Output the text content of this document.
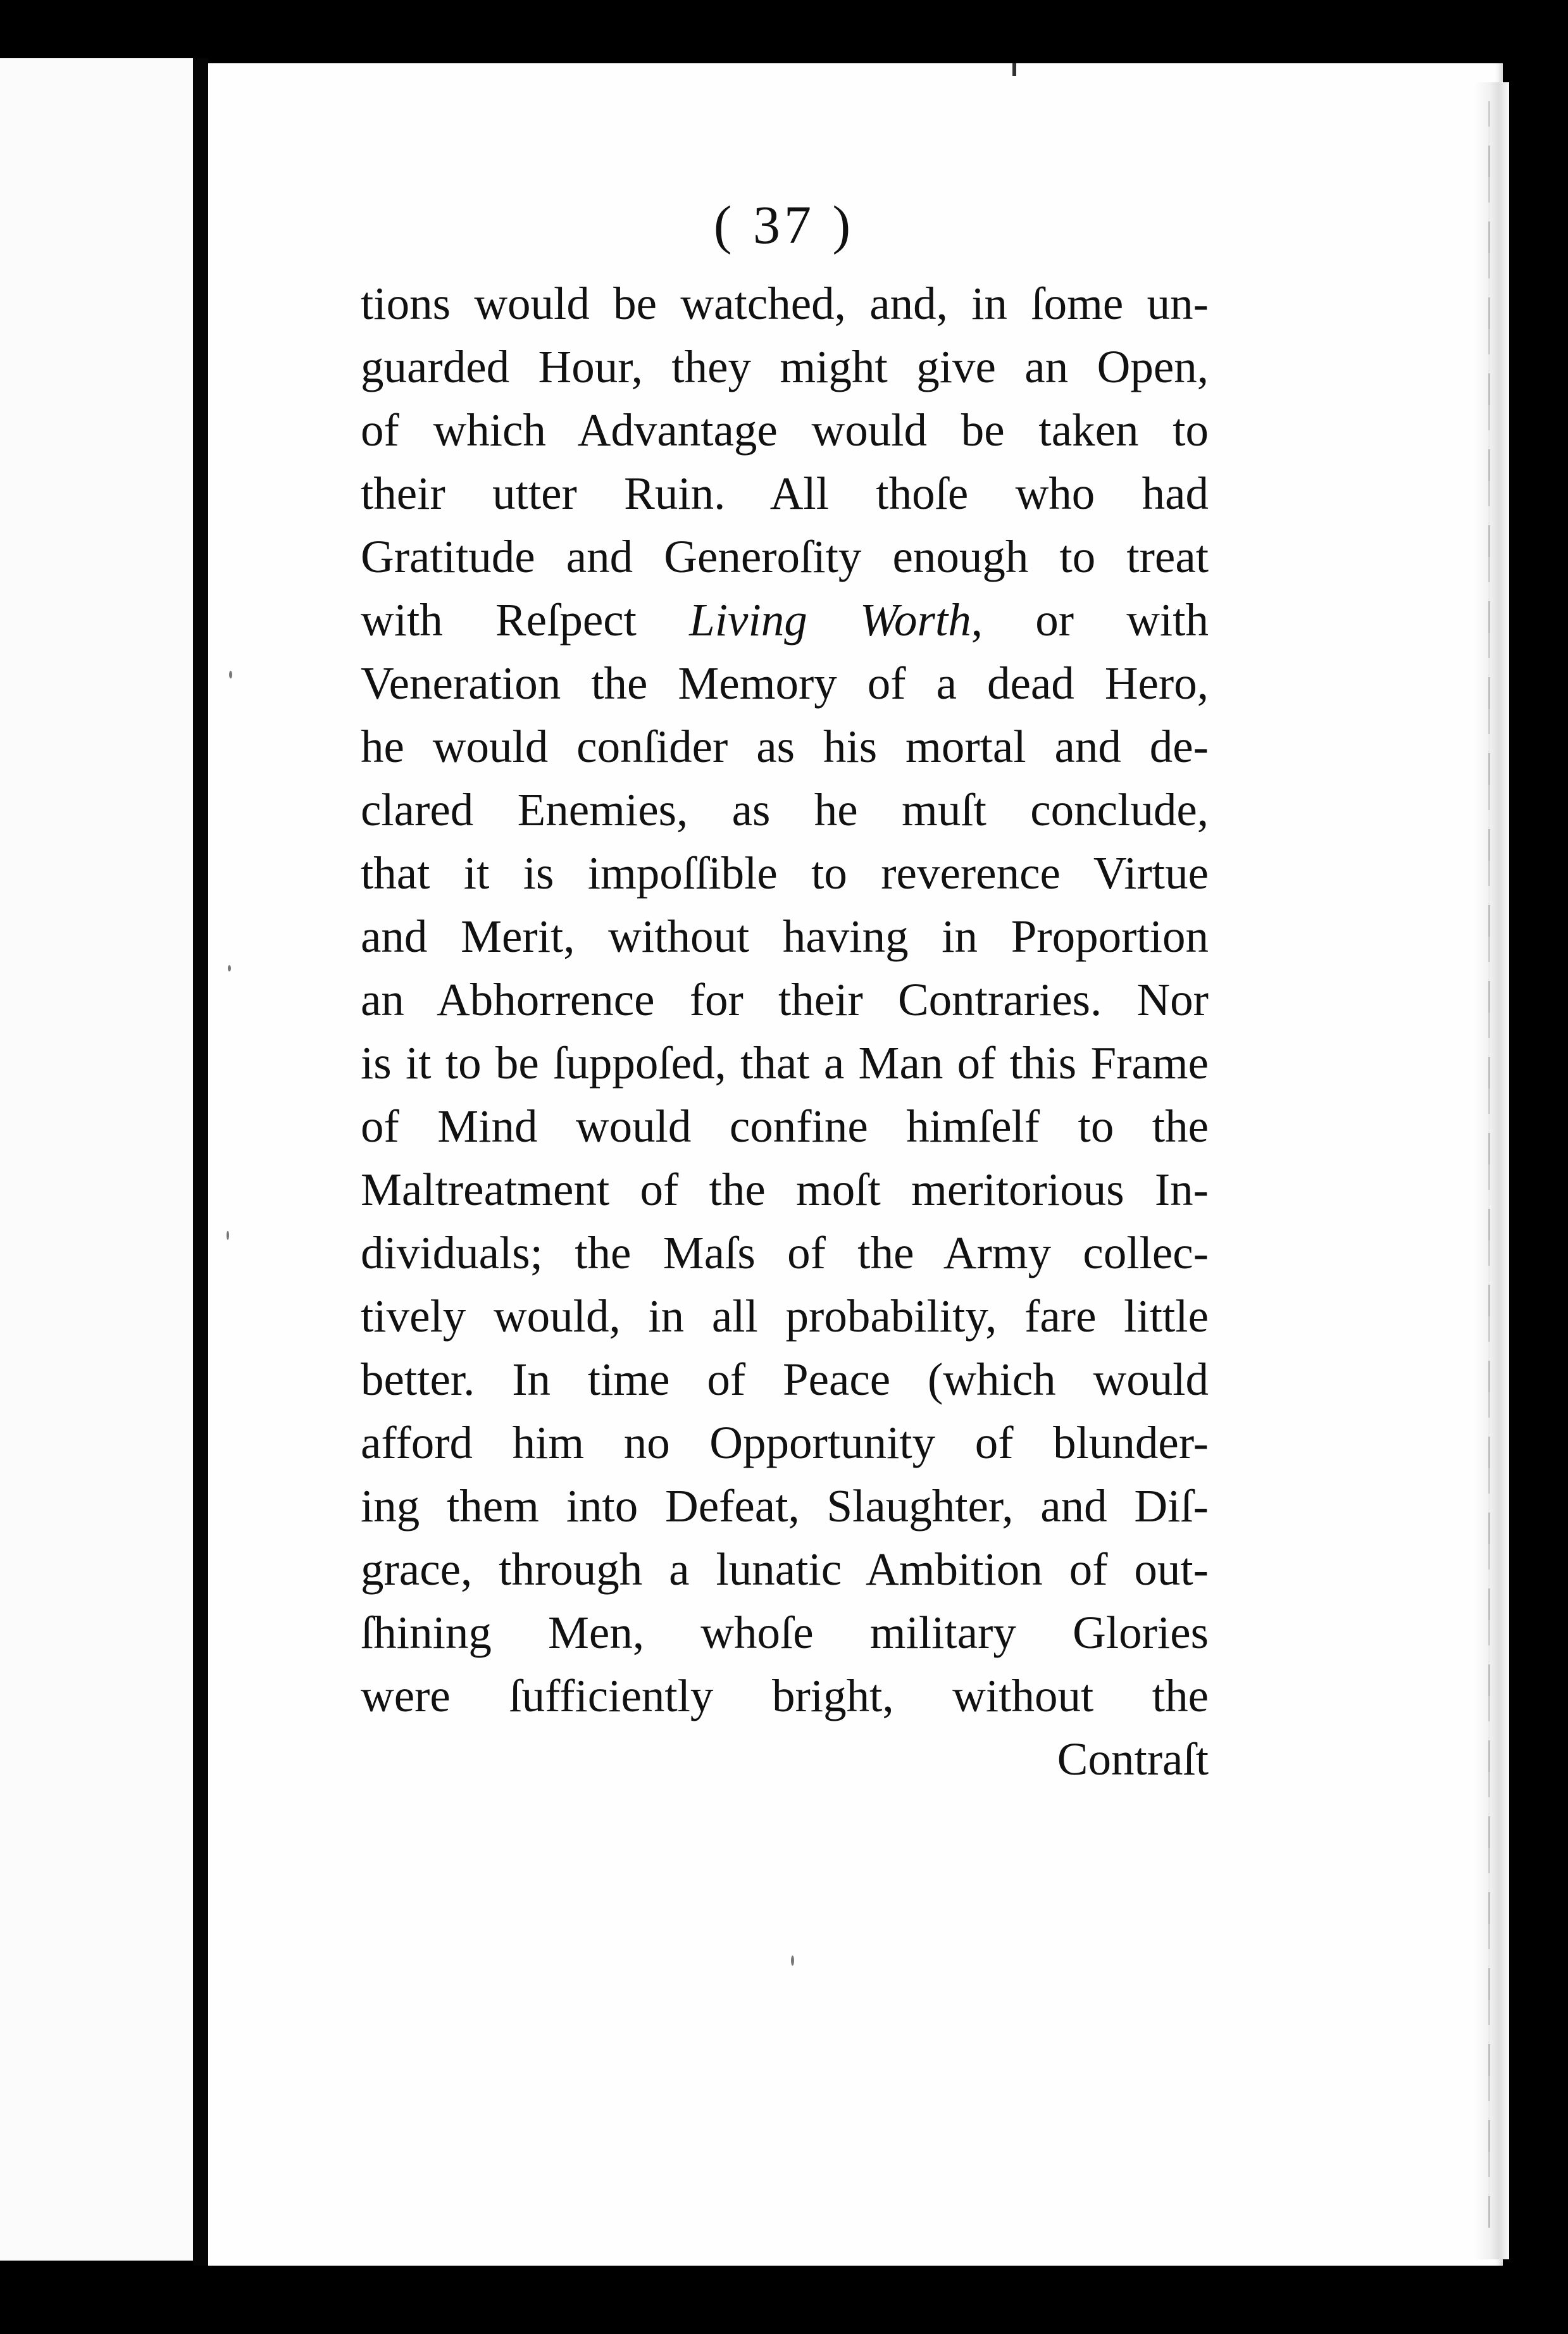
( 37 )
tions would be watched, and, in ſome un-
guarded Hour, they might give an Open,
of which Advantage would be taken to
their utter Ruin. All thoſe who had
Gratitude and Generoſity enough to treat
with Reſpect Living Worth, or with
Veneration the Memory of a dead Hero,
he would conſider as his mortal and de-
clared Enemies, as he muſt conclude,
that it is impoſſible to reverence Virtue
and Merit, without having in Proportion
an Abhorrence for their Contraries. Nor
is it to be ſuppoſed, that a Man of this Frame
of Mind would confine himſelf to the
Maltreatment of the moſt meritorious In-
dividuals; the Maſs of the Army collec-
tively would, in all probability, fare little
better. In time of Peace (which would
afford him no Opportunity of blunder-
ing them into Defeat, Slaughter, and Diſ-
grace, through a lunatic Ambition of out-
ſhining Men, whoſe military Glories
were ſufficiently bright, without the
Contraſt
